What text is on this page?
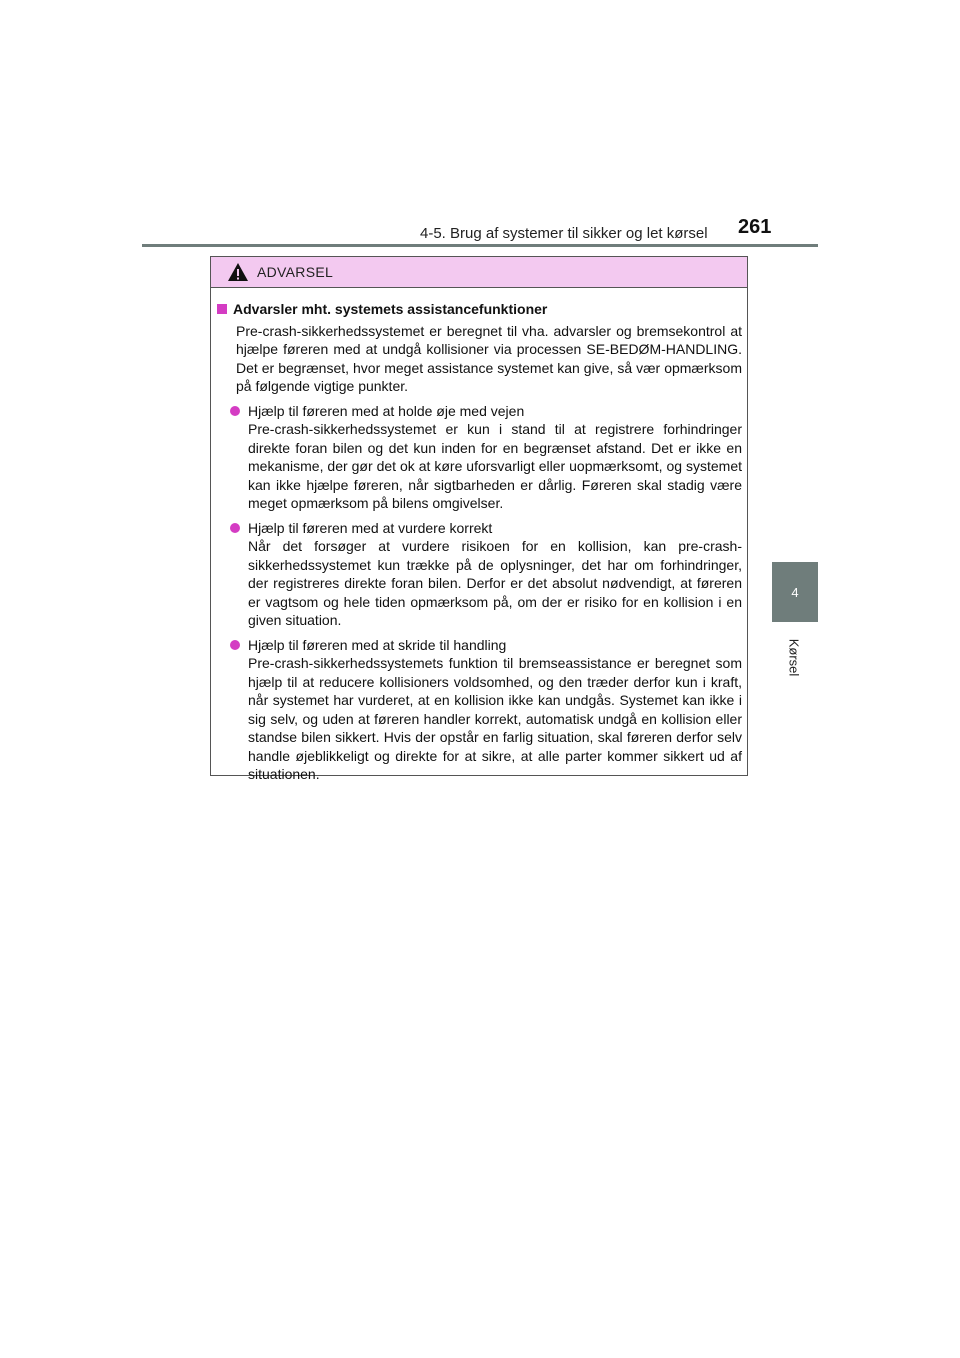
4-5. Brug af systemer til sikker og let kørsel 261
4
Kørsel
ADVARSEL
Advarsler mht. systemets assistancefunktioner
Pre-crash-sikkerhedssystemet er beregnet til vha. advarsler og bremsekontrol at hjælpe føreren med at undgå kollisioner via processen SE-BEDØM-HANDLING. Det er begrænset, hvor meget assistance systemet kan give, så vær opmærksom på følgende vigtige punkter.
Hjælp til føreren med at holde øje med vejen
Pre-crash-sikkerhedssystemet er kun i stand til at registrere forhindringer direkte foran bilen og det kun inden for en begrænset afstand. Det er ikke en mekanisme, der gør det ok at køre uforsvarligt eller uopmærksomt, og systemet kan ikke hjælpe føreren, når sigtbarheden er dårlig. Føreren skal stadig være meget opmærksom på bilens omgivelser.
Hjælp til føreren med at vurdere korrekt
Når det forsøger at vurdere risikoen for en kollision, kan pre-crash-sikkerhedssystemet kun trække på de oplysninger, det har om forhindringer, der registreres direkte foran bilen. Derfor er det absolut nødvendigt, at føreren er vagtsom og hele tiden opmærksom på, om der er risiko for en kollision i en given situation.
Hjælp til føreren med at skride til handling
Pre-crash-sikkerhedssystemets funktion til bremseassistance er beregnet som hjælp til at reducere kollisioners voldsomhed, og den træder derfor kun i kraft, når systemet har vurderet, at en kollision ikke kan undgås. Systemet kan ikke i sig selv, og uden at føreren handler korrekt, automatisk undgå en kollision eller standse bilen sikkert. Hvis der opstår en farlig situation, skal føreren derfor selv handle øjeblikkeligt og direkte for at sikre, at alle parter kommer sikkert ud af situationen.
